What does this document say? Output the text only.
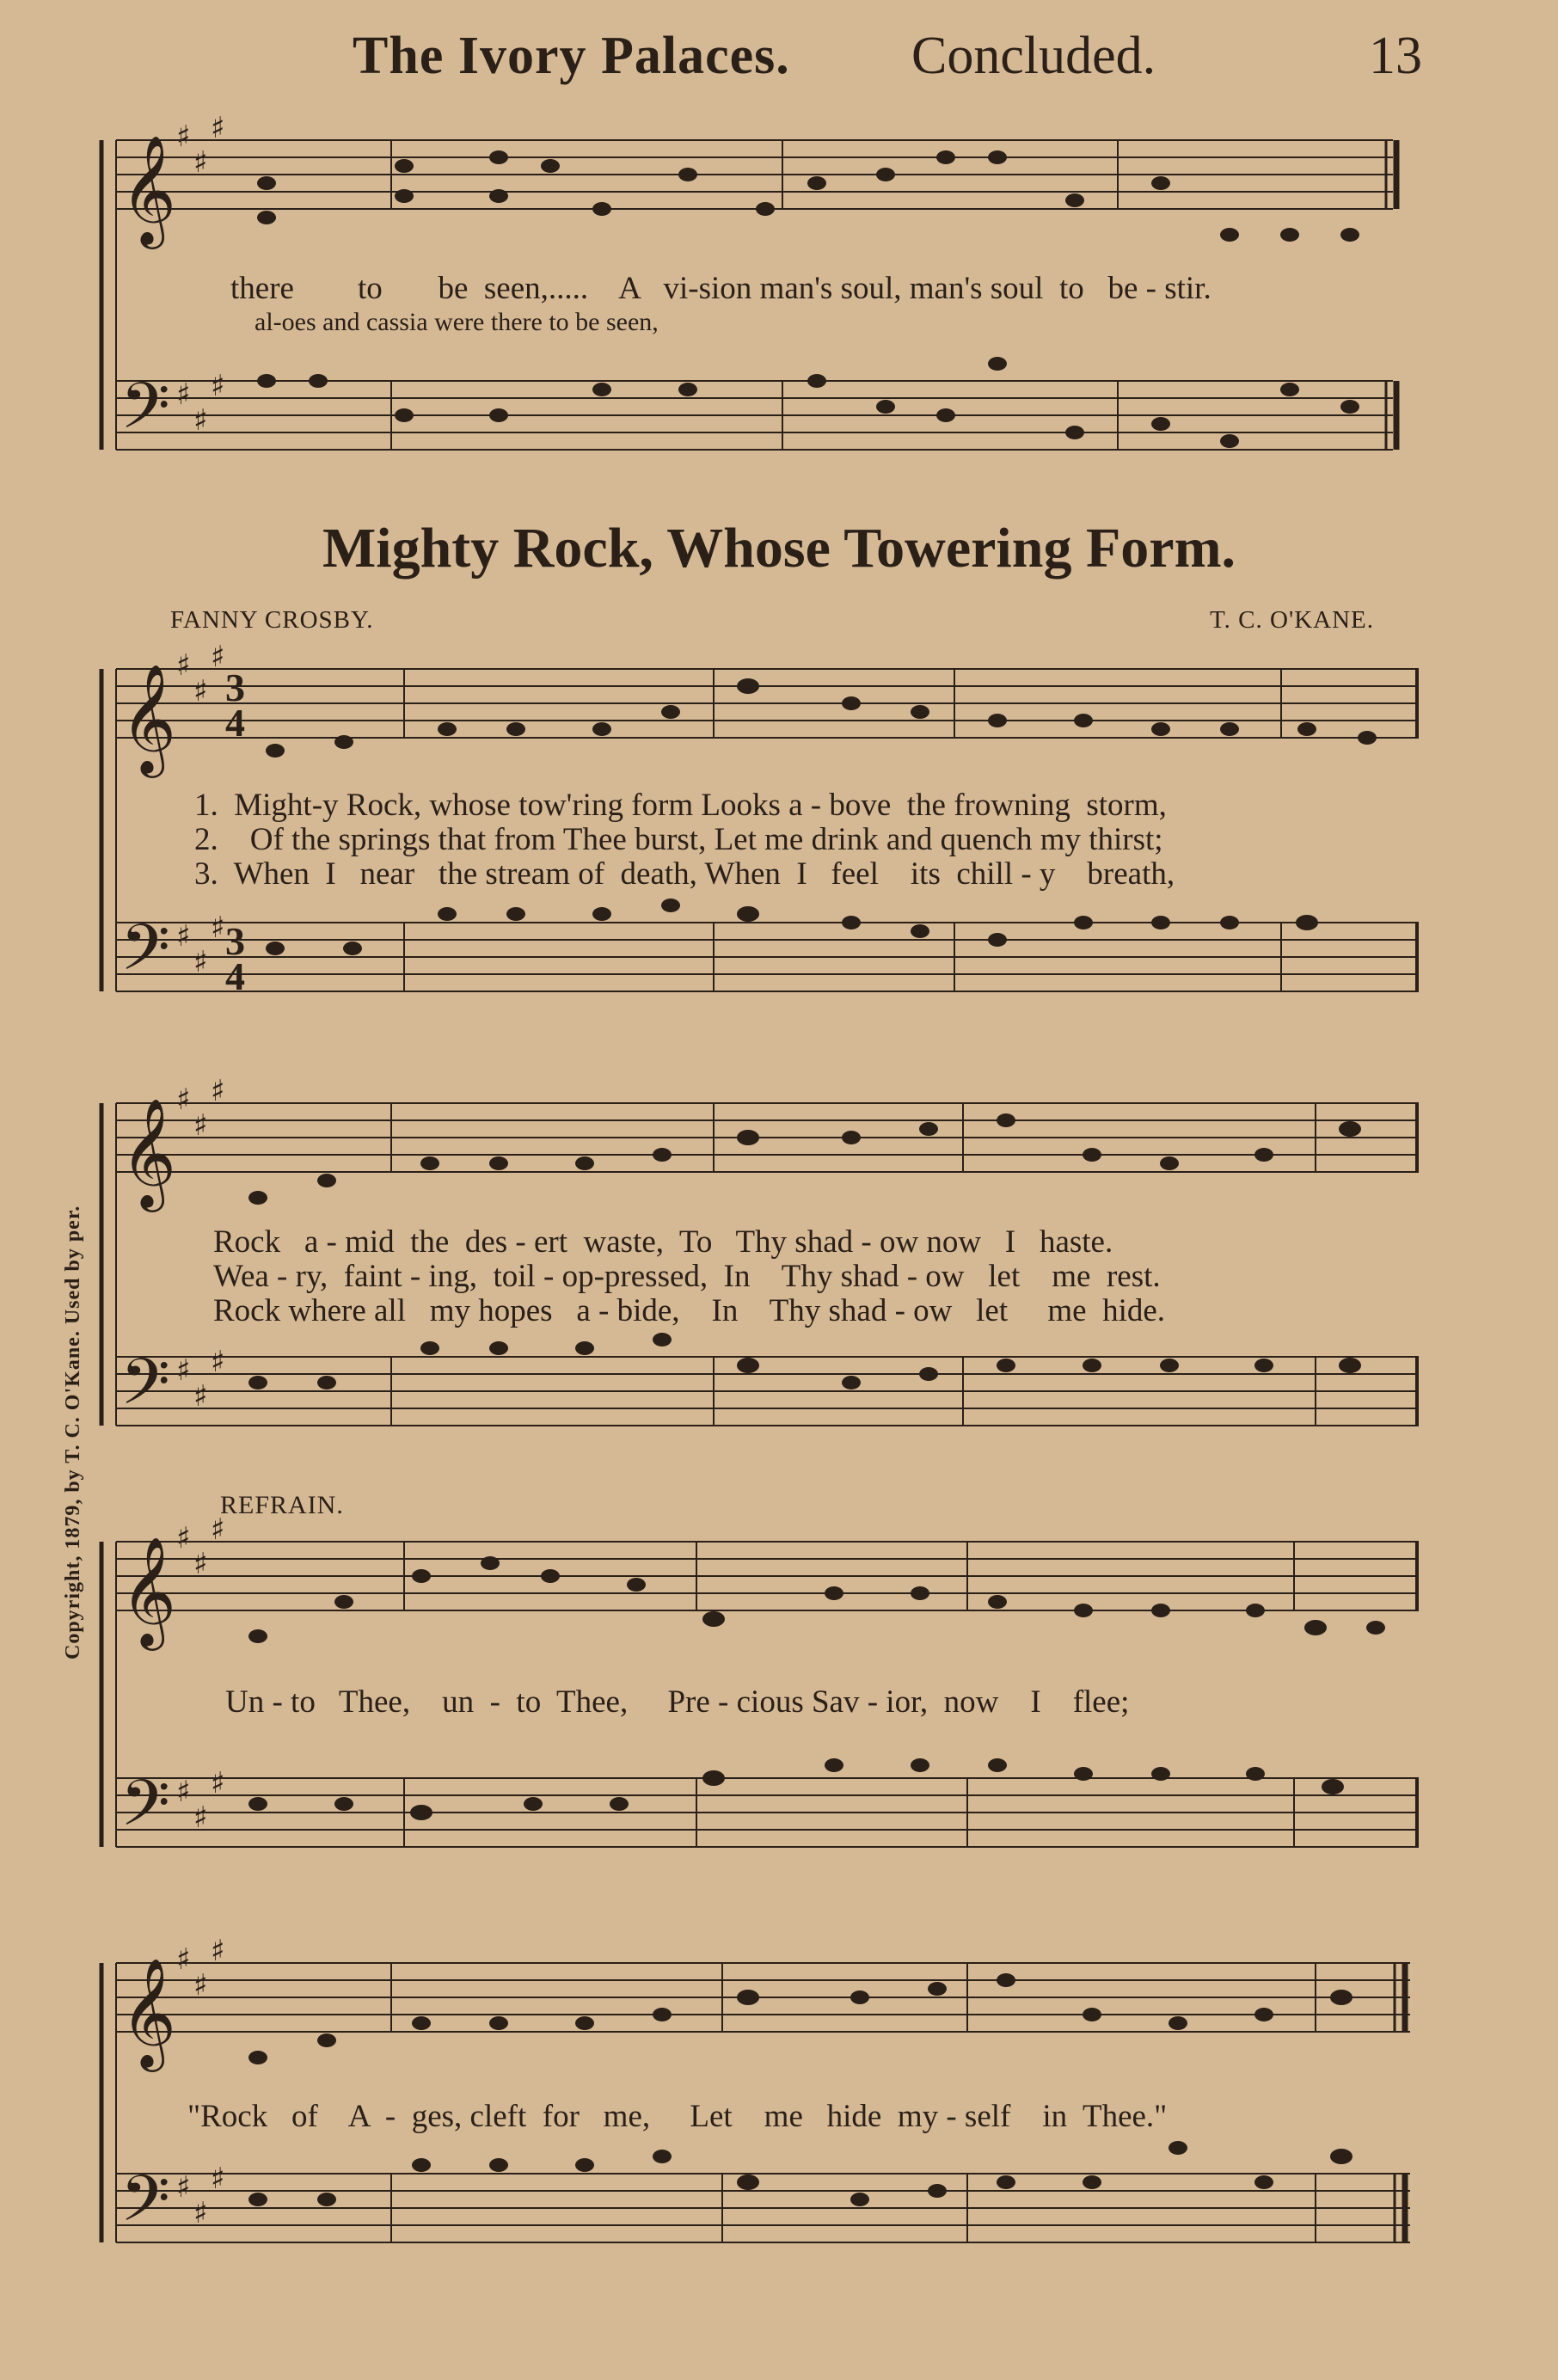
The Ivory Palaces. Concluded.	13
𝄞
𝄢
𝄞
𝄢
𝄞
𝄢
𝄞
𝄢
𝄞
𝄢
♯
♯
♯
♯
♯
♯
♯
♯
♯
♯
♯
♯
♯
♯
♯
♯
♯
♯
♯
♯
♯
♯
♯
♯
♯
♯
♯
♯
♯
♯
3
4
3
4
there        to       be  seen,.....    A   vi-sion man's soul, man's soul  to   be - stir.
al-oes and cassia were there to be seen,
Mighty Rock, Whose Towering Form.
FANNY CROSBY.	T. C. O'KANE.
1.  Might-y Rock, whose tow'ring form Looks a - bove  the frowning  storm,
2.    Of the springs that from Thee burst, Let me drink and quench my thirst;
3.  When  I   near   the stream of  death, When  I   feel    its  chill - y    breath,
Rock   a - mid  the  des - ert  waste,  To   Thy shad - ow now   I   haste.
Wea - ry,  faint - ing,  toil - op-pressed,  In    Thy shad - ow   let    me  rest.
Rock where all   my hopes   a - bide,    In    Thy shad - ow   let     me  hide.
REFRAIN.
Un - to   Thee,    un  -  to  Thee,     Pre - cious Sav - ior,  now    I    flee;
"Rock   of    A  -  ges, cleft  for   me,     Let    me   hide  my - self    in  Thee."
Copyright, 1879, by T. C. O'Kane. Used by per.
